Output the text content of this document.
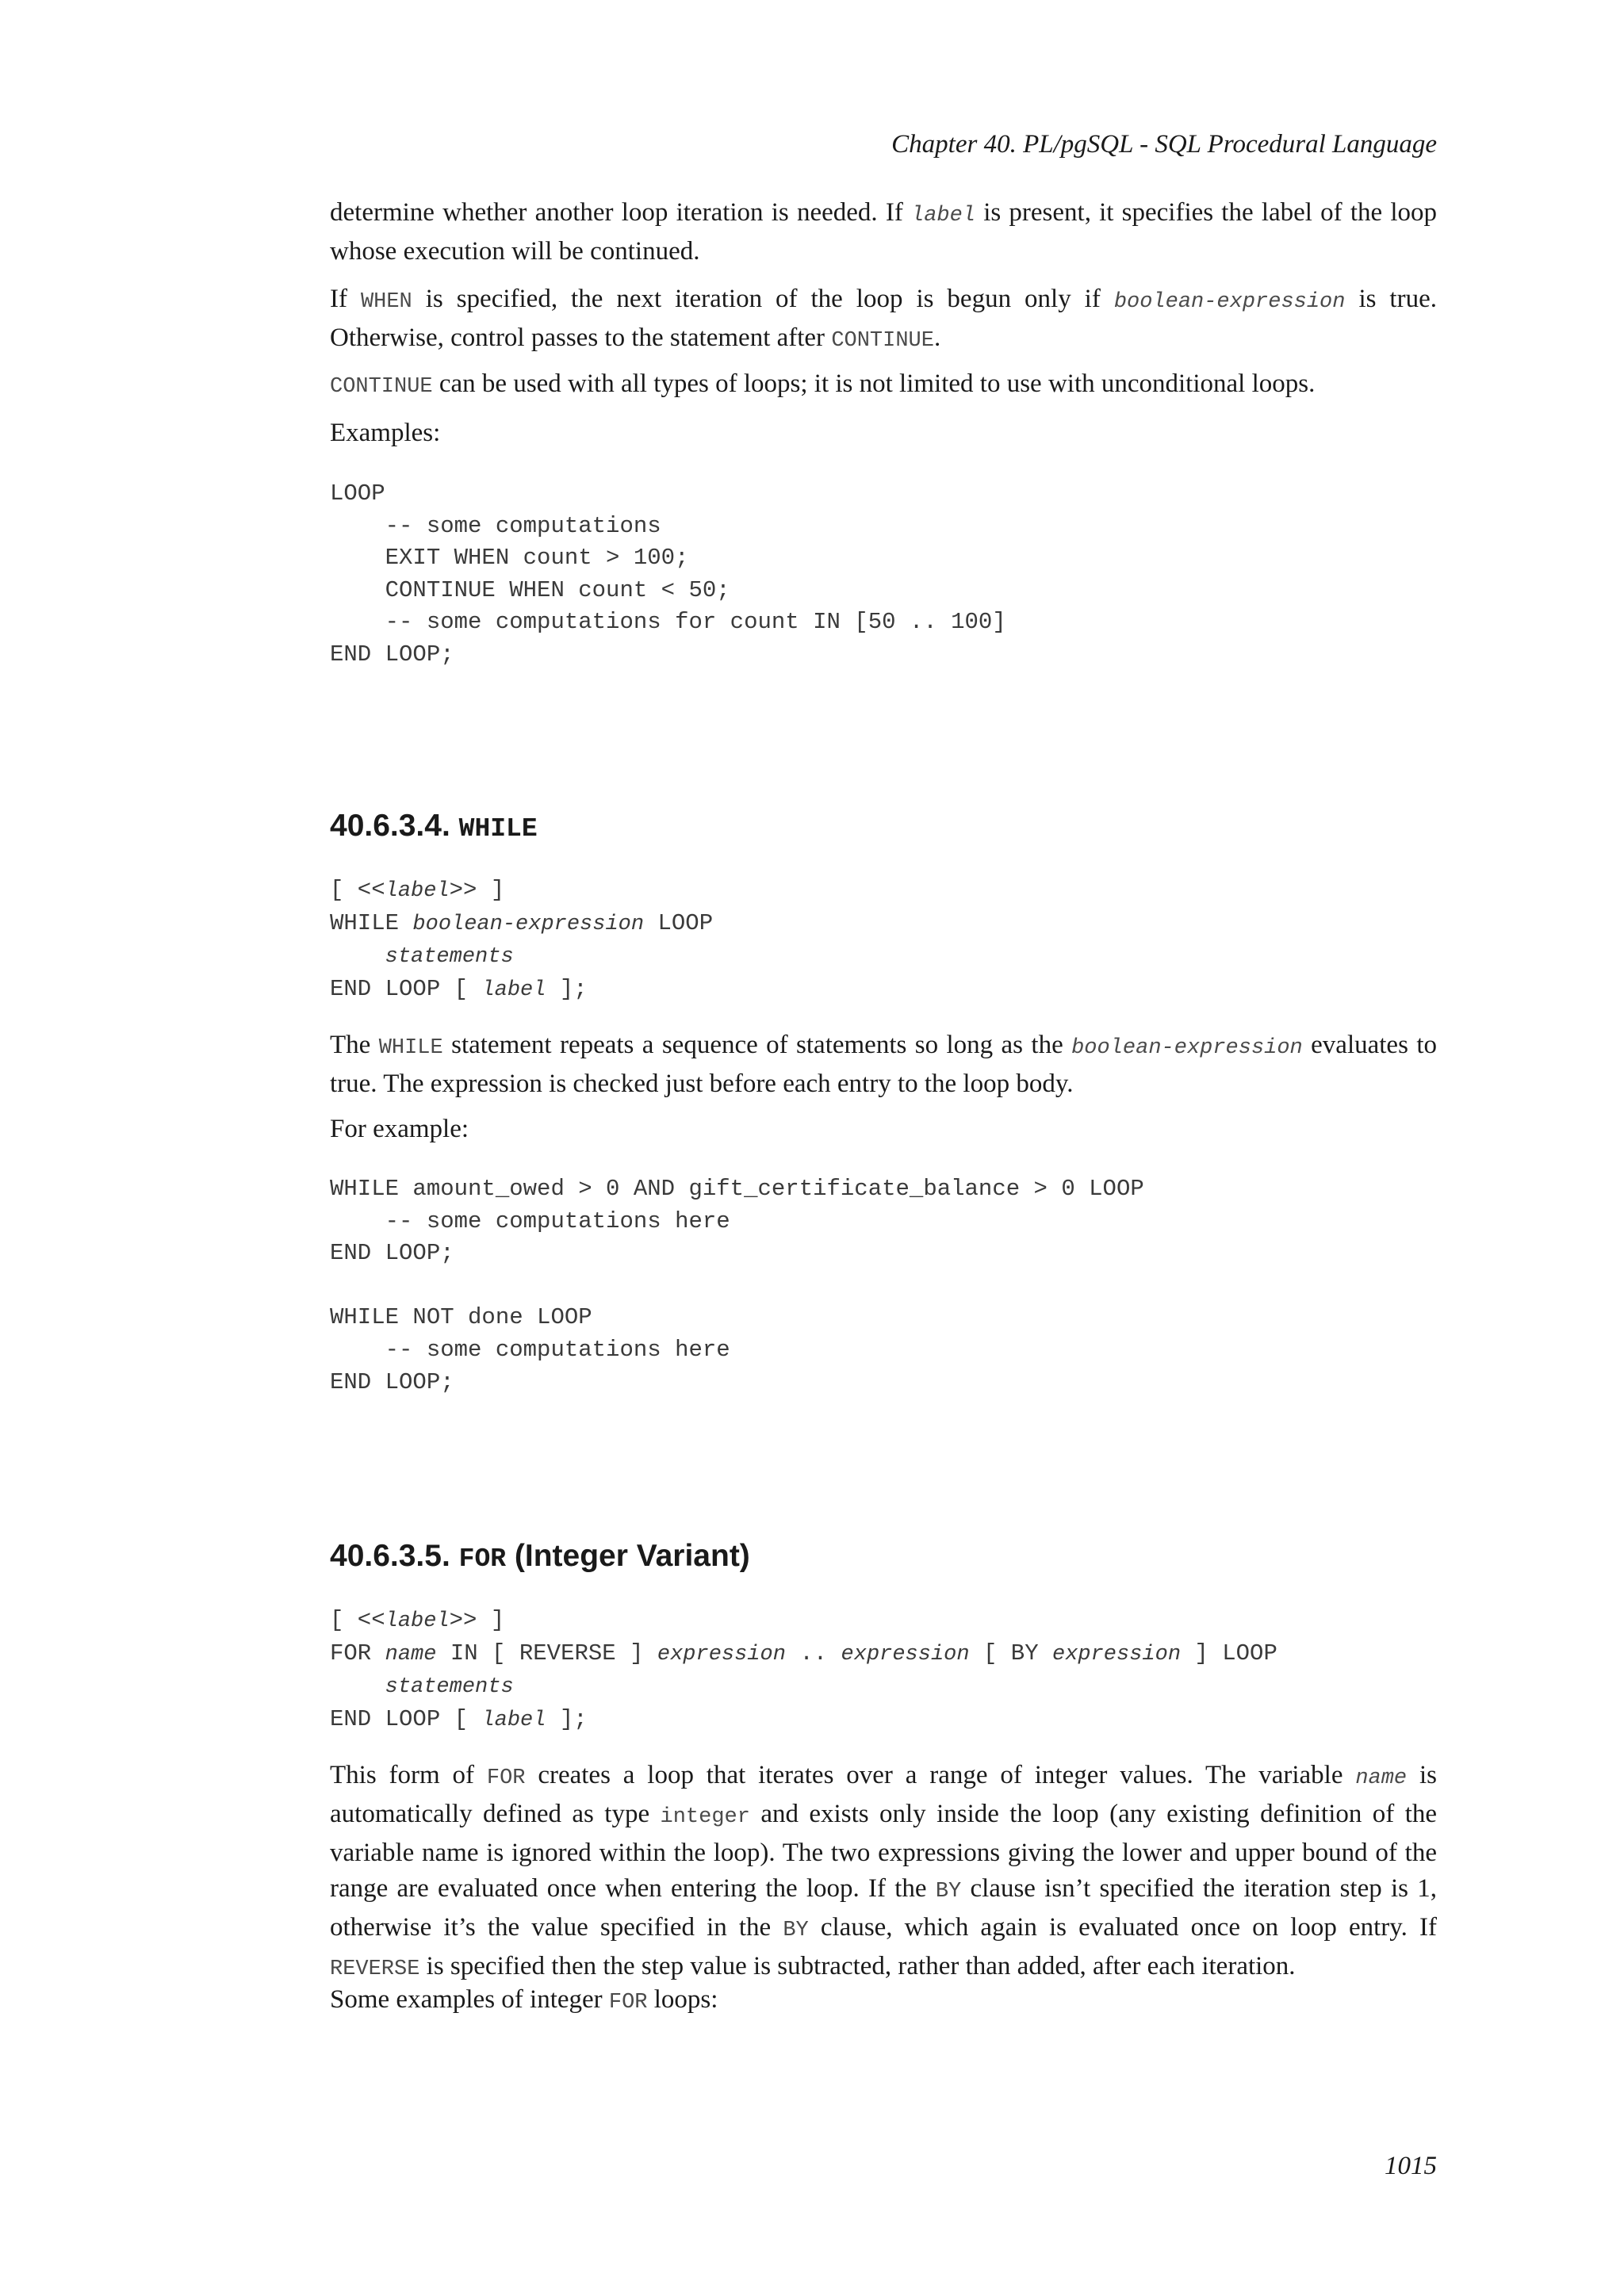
Chapter 40. PL/pgSQL - SQL Procedural Language

determine whether another loop iteration is needed. If label is present, it specifies the label of the loop whose execution will be continued.

If WHEN is specified, the next iteration of the loop is begun only if boolean-expression is true. Otherwise, control passes to the statement after CONTINUE.

CONTINUE can be used with all types of loops; it is not limited to use with unconditional loops.

Examples:

LOOP
-- some computations
EXIT WHEN count > 100;
CONTINUE WHEN count < 50;
-- some computations for count IN [50 .. 100]
END LOOP;
40.6.3.4. WHILE
[ <<label>> ]
WHILE boolean-expression LOOP
statements
END LOOP [ label ];

The WHILE statement repeats a sequence of statements so long as the boolean-expression evaluates to true. The expression is checked just before each entry to the loop body.

For example:

WHILE amount_owed > 0 AND gift_certificate_balance > 0 LOOP
-- some computations here
END LOOP;

WHILE NOT done LOOP
-- some computations here
END LOOP;
40.6.3.5. FOR (Integer Variant)
[ <<label>> ]
FOR name IN [ REVERSE ] expression .. expression [ BY expression ] LOOP
statements
END LOOP [ label ];

This form of FOR creates a loop that iterates over a range of integer values. The variable name is automatically defined as type integer and exists only inside the loop (any existing definition of the variable name is ignored within the loop). The two expressions giving the lower and upper bound of the range are evaluated once when entering the loop. If the BY clause isn’t specified the iteration step is 1, otherwise it’s the value specified in the BY clause, which again is evaluated once on loop entry. If REVERSE is specified then the step value is subtracted, rather than added, after each iteration.

Some examples of integer FOR loops:

1015
